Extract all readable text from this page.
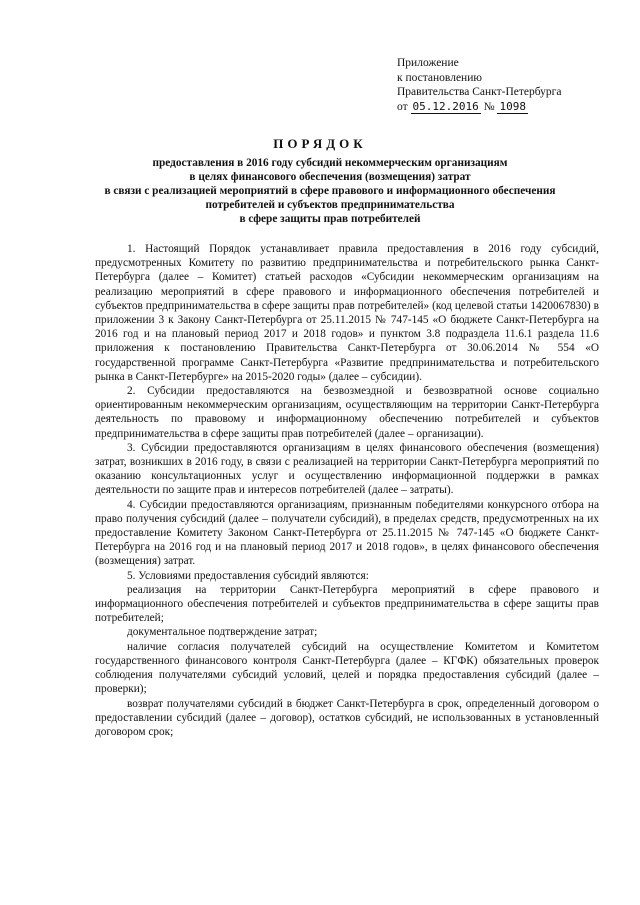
Приложение
к постановлению
Правительства Санкт-Петербурга
от 05.12.2016 № 1098
ПОРЯДОК
предоставления в 2016 году субсидий некоммерческим организациям
в целях финансового обеспечения (возмещения) затрат
в связи с реализацией мероприятий в сфере правового и информационного обеспечения
потребителей и субъектов предпринимательства
в сфере защиты прав потребителей

1. Настоящий Порядок устанавливает правила предоставления в 2016 году субсидий, предусмотренных Комитету по развитию предпринимательства и потребительского рынка Санкт-Петербурга (далее – Комитет) статьей расходов «Субсидии некоммерческим организациям на реализацию мероприятий в сфере правового и информационного обеспечения потребителей и субъектов предпринимательства в сфере защиты прав потребителей» (код целевой статьи 1420067830) в приложении 3 к Закону Санкт-Петербурга от 25.11.2015 № 747-145 «О бюджете Санкт-Петербурга на 2016 год и на плановый период 2017 и 2018 годов» и пунктом 3.8 подраздела 11.6.1 раздела 11.6 приложения к постановлению Правительства Санкт-Петербурга от 30.06.2014 № 554 «О государственной программе Санкт-Петербурга «Развитие предпринимательства и потребительского рынка в Санкт-Петербурге» на 2015-2020 годы» (далее – субсидии).

2. Субсидии предоставляются на безвозмездной и безвозвратной основе социально ориентированным некоммерческим организациям, осуществляющим на территории Санкт-Петербурга деятельность по правовому и информационному обеспечению потребителей и субъектов предпринимательства в сфере защиты прав потребителей (далее – организации).

3. Субсидии предоставляются организациям в целях финансового обеспечения (возмещения) затрат, возникших в 2016 году, в связи с реализацией на территории Санкт-Петербурга мероприятий по оказанию консультационных услуг и осуществлению информационной поддержки в рамках деятельности по защите прав и интересов потребителей (далее – затраты).

4. Субсидии предоставляются организациям, признанным победителями конкурсного отбора на право получения субсидий (далее – получатели субсидий), в пределах средств, предусмотренных на их предоставление Комитету Законом Санкт-Петербурга от 25.11.2015 № 747-145 «О бюджете Санкт-Петербурга на 2016 год и на плановый период 2017 и 2018 годов», в целях финансового обеспечения (возмещения) затрат.

5. Условиями предоставления субсидий являются:

реализация на территории Санкт-Петербурга мероприятий в сфере правового и информационного обеспечения потребителей и субъектов предпринимательства в сфере защиты прав потребителей;

документальное подтверждение затрат;

наличие согласия получателей субсидий на осуществление Комитетом и Комитетом государственного финансового контроля Санкт-Петербурга (далее – КГФК) обязательных проверок соблюдения получателями субсидий условий, целей и порядка предоставления субсидий (далее – проверки);

возврат получателями субсидий в бюджет Санкт-Петербурга в срок, определенный договором о предоставлении субсидий (далее – договор), остатков субсидий, не использованных в установленный договором срок;
